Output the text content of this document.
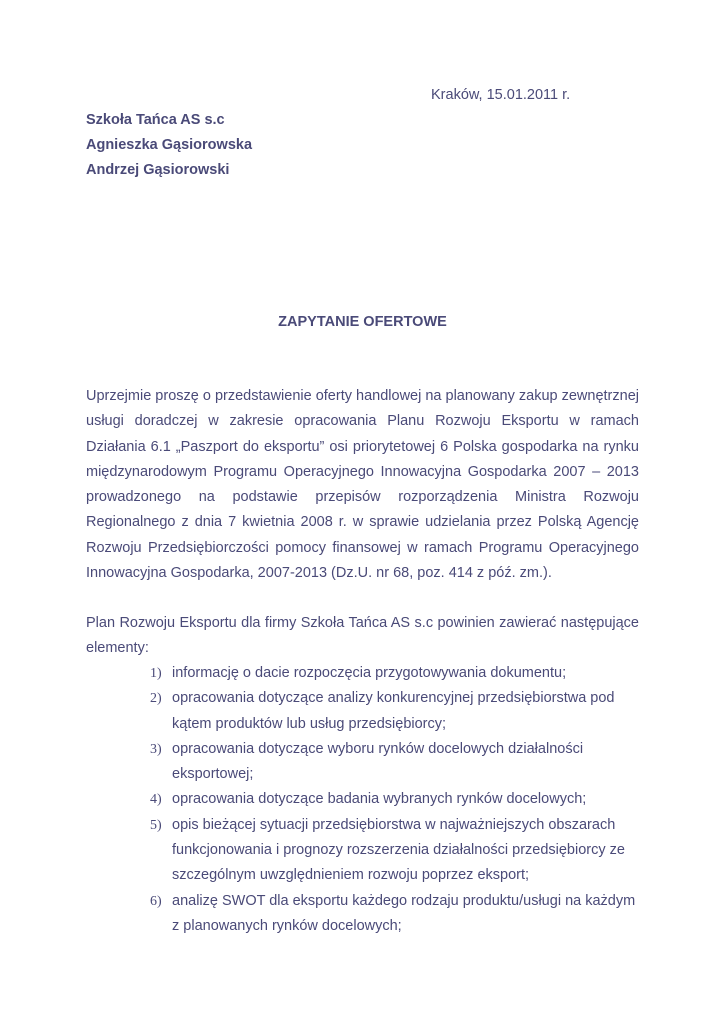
Kraków, 15.01.2011 r.
Szkoła Tańca AS s.c
Agnieszka Gąsiorowska
Andrzej Gąsiorowski
ZAPYTANIE OFERTOWE
Uprzejmie proszę o przedstawienie oferty handlowej na planowany zakup zewnętrznej usługi doradczej w zakresie opracowania Planu Rozwoju Eksportu w ramach Działania 6.1 „Paszport do eksportu” osi priorytetowej 6 Polska gospodarka na rynku międzynarodowym Programu Operacyjnego Innowacyjna Gospodarka 2007 – 2013 prowadzonego na podstawie przepisów rozporządzenia Ministra Rozwoju Regionalnego z dnia 7 kwietnia 2008 r. w sprawie udzielania przez Polską Agencję Rozwoju Przedsiębiorczości pomocy finansowej w ramach Programu Operacyjnego Innowacyjna Gospodarka, 2007-2013 (Dz.U. nr 68, poz. 414 z póź. zm.).
Plan Rozwoju Eksportu dla firmy Szkoła Tańca AS s.c powinien zawierać następujące elementy:
1) informację o dacie rozpoczęcia przygotowywania dokumentu;
2) opracowania dotyczące analizy konkurencyjnej przedsiębiorstwa pod kątem produktów lub usług przedsiębiorcy;
3) opracowania dotyczące wyboru rynków docelowych działalności eksportowej;
4) opracowania dotyczące badania wybranych rynków docelowych;
5) opis bieżącej sytuacji przedsiębiorstwa w najważniejszych obszarach funkcjonowania i prognozy rozszerzenia działalności przedsiębiorcy ze szczególnym uwzględnieniem rozwoju poprzez eksport;
6) analizę SWOT dla eksportu każdego rodzaju produktu/usługi na każdym z planowanych rynków docelowych;
